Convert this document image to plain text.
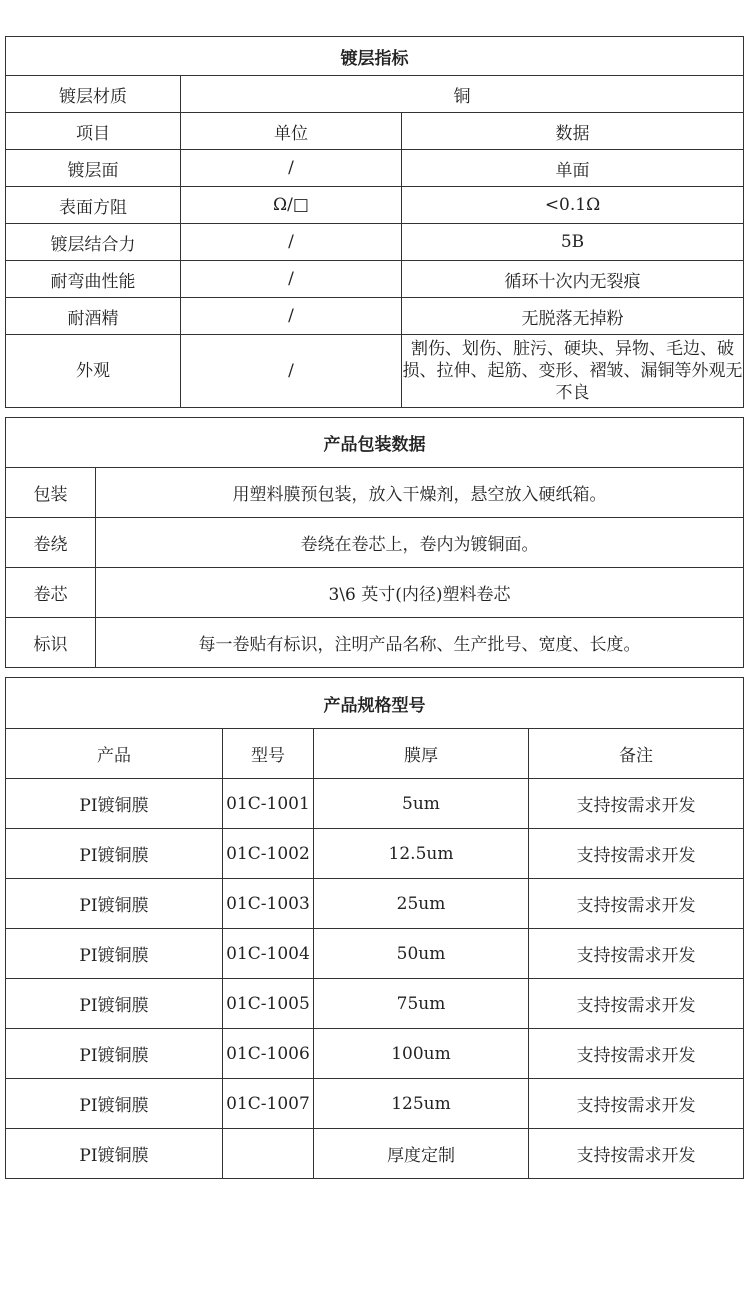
镀层指标		
镀层材质	铜	
项目	单位	数据
镀层面	/	单面
表面方阻	Ω/□	<0.1Ω
镀层结合力	/	5B
耐弯曲性能	/	循环十次内无裂痕
耐酒精	/	无脱落无掉粉
外观	/	割伤、划伤、脏污、硬块、异物、毛边、破损、拉伸、起筋、变形、褶皱、漏铜等外观无不良
产品包装数据	
包装	用塑料膜预包装，放入干燥剂，悬空放入硬纸箱。
卷绕	卷绕在卷芯上，卷内为镀铜面。
卷芯	3\6 英寸(内径)塑料卷芯
标识	每一卷贴有标识，注明产品名称、生产批号、宽度、长度。
产品规格型号			
产品	型号	膜厚	备注
PI镀铜膜	01C-1001	5um	支持按需求开发
PI镀铜膜	01C-1002	12.5um	支持按需求开发
PI镀铜膜	01C-1003	25um	支持按需求开发
PI镀铜膜	01C-1004	50um	支持按需求开发
PI镀铜膜	01C-1005	75um	支持按需求开发
PI镀铜膜	01C-1006	100um	支持按需求开发
PI镀铜膜	01C-1007	125um	支持按需求开发
PI镀铜膜		厚度定制	支持按需求开发
